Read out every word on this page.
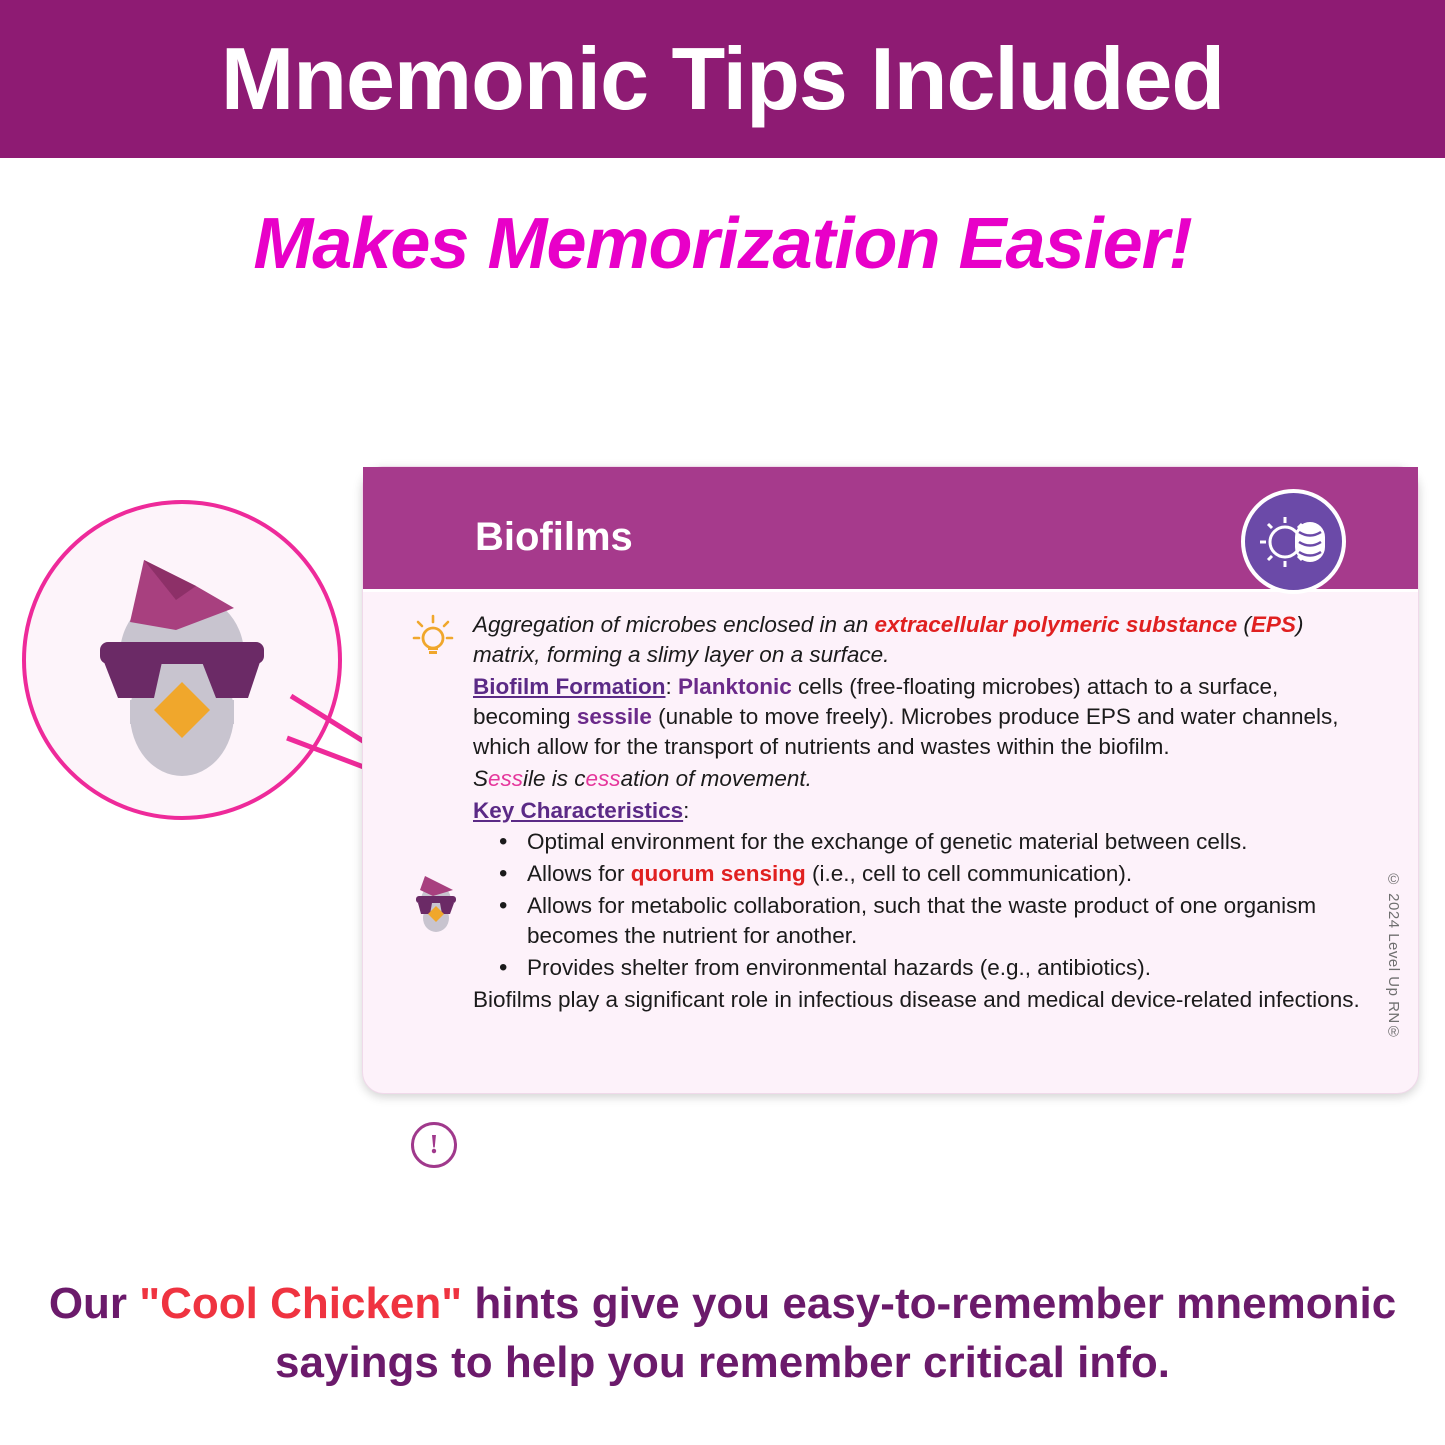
Mnemonic Tips Included
Makes Memorization Easier!
Biofilms
!

Aggregation of microbes enclosed in an extracellular polymeric substance (EPS) matrix, forming a slimy layer on a surface.

Biofilm Formation: Planktonic cells (free-floating microbes) attach to a surface, becoming sessile (unable to move freely). Microbes produce EPS and water channels, which allow for the transport of nutrients and wastes within the biofilm.

Sessile is cessation of movement.

Key Characteristics:

• Optimal environment for the exchange of genetic material between cells.
• Allows for quorum sensing (i.e., cell to cell communication).
• Allows for metabolic collaboration, such that the waste product of one organism becomes the nutrient for another.
• Provides shelter from environmental hazards (e.g., antibiotics).

Biofilms play a significant role in infectious disease and medical device-related infections.	© 2024 Level Up RN®
Our "Cool Chicken" hints give you easy-to-remember mnemonic sayings to help you remember critical info.
